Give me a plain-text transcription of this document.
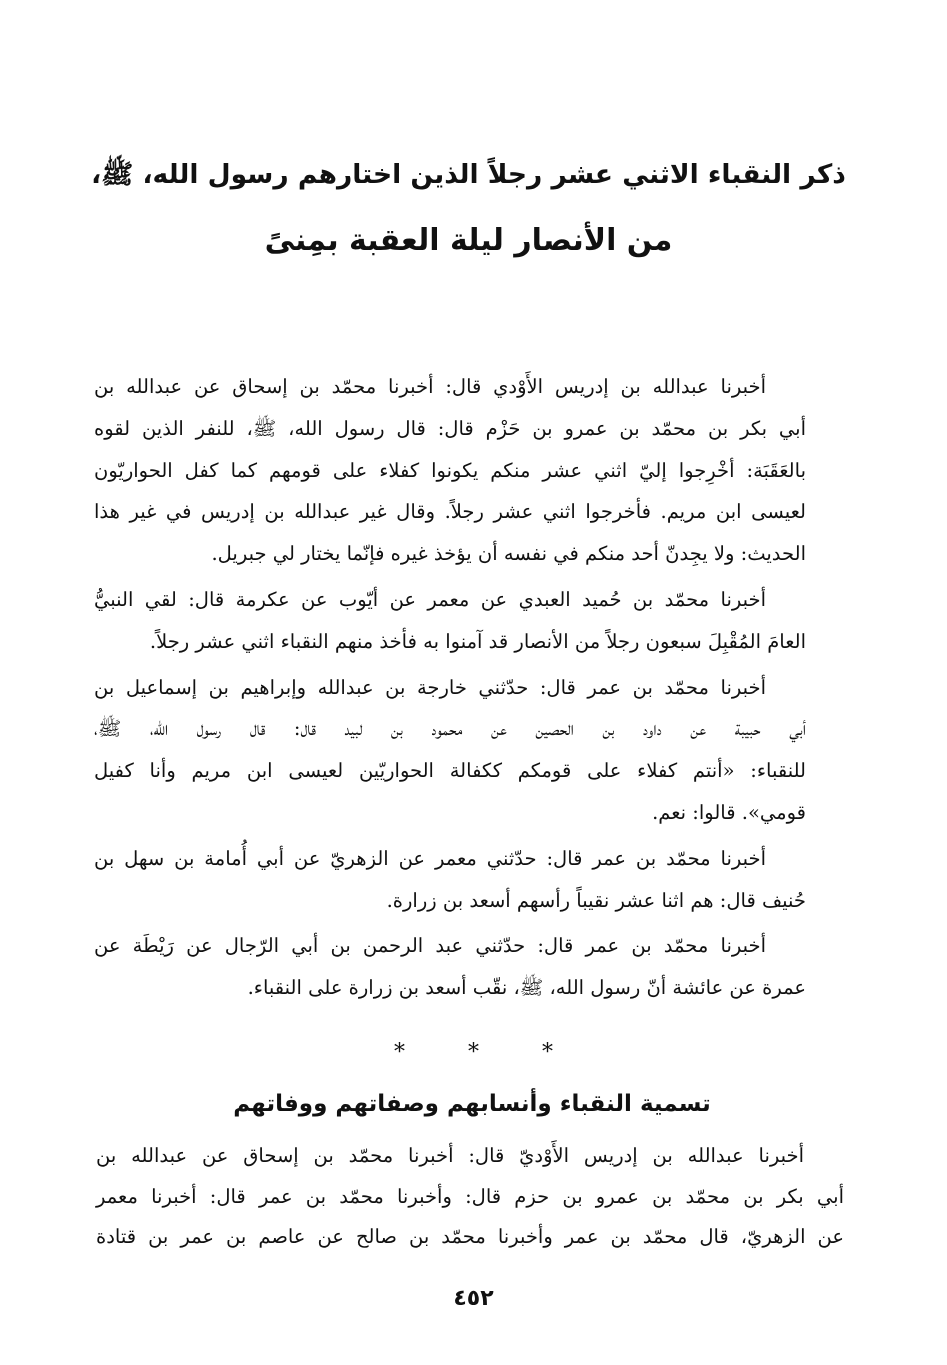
ذكر النقباء الاثني عشر رجلاً الذين اختارهم رسول الله، ﷺ،
من الأنصار ليلة العقبة بمِنىً
أخبرنا عبدالله بن إدريس الأَوْدي قال: أخبرنا محمّد بن إسحاق عن عبدالله بن
أبي بكر بن محمّد بن عمرو بن حَزْم قال: قال رسول الله، ﷺ، للنفر الذين لقوه
بالعَقَبَة: أخْرِجوا إليّ اثني عشر منكم يكونوا كفلاء على قومهم كما كفل الحواريّون
لعيسى ابن مريم. فأخرجوا اثني عشر رجلاً. وقال غير عبدالله بن إدريس في غير هذا
الحديث: ولا يجِدنّ أحد منكم في نفسه أن يؤخذ غيره فإنّما يختار لي جبريل.
أخبرنا محمّد بن حُميد العبدي عن معمر عن أيّوب عن عكرمة قال: لقي النبيُّ
العامَ المُقْبِلَ سبعون رجلاً من الأنصار قد آمنوا به فأخذ منهم النقباء اثني عشر رجلاً.
أخبرنا محمّد بن عمر قال: حدّثني خارجة بن عبدالله وإبراهيم بن إسماعيل بن
أبي حبيبة عن داود بن الحصين عن محمود بن لبيد قال: قال رسول الله، ﷺ،
للنقباء: «أنتم كفلاء على قومكم ككفالة الحواريّين لعيسى ابن مريم وأنا كفيل
قومي». قالوا: نعم.
أخبرنا محمّد بن عمر قال: حدّثني معمر عن الزهريّ عن أبي أُمامة بن سهل بن
حُنيف قال: هم اثنا عشر نقيباً رأسهم أسعد بن زرارة.
أخبرنا محمّد بن عمر قال: حدّثني عبد الرحمن بن أبي الرّجال عن رَيْطَة عن
عمرة عن عائشة أنّ رسول الله، ﷺ، نقّب أسعد بن زرارة على النقباء.
* * *
تسمية النقباء وأنسابهم وصفاتهم ووفاتهم
أخبرنا عبدالله بن إدريس الأَوْديّ قال: أخبرنا محمّد بن إسحاق عن عبدالله بن
أبي بكر بن محمّد بن عمرو بن حزم قال: وأخبرنا محمّد بن عمر قال: أخبرنا معمر
عن الزهريّ، قال محمّد بن عمر وأخبرنا محمّد بن صالح عن عاصم بن عمر بن قتادة
٤٥٢
